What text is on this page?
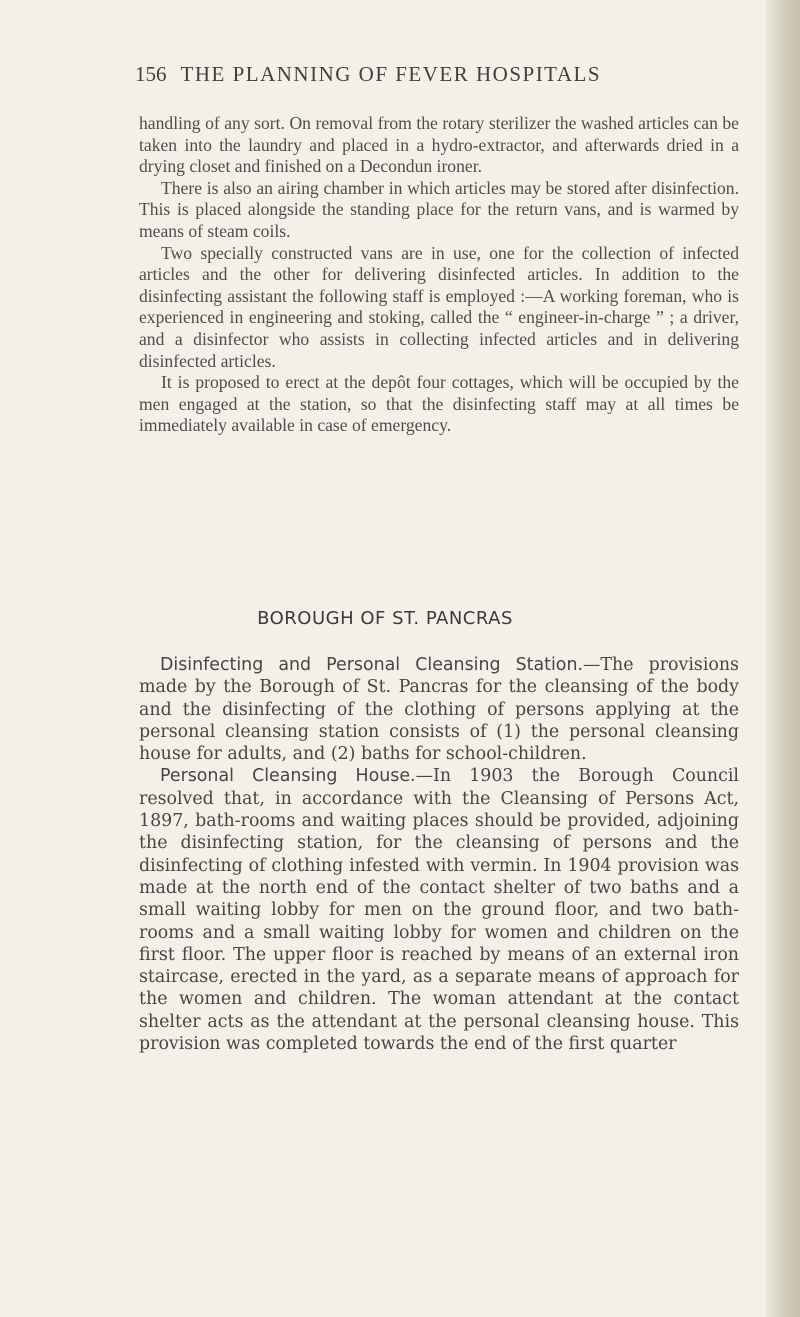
156 THE PLANNING OF FEVER HOSPITALS

handling of any sort. On removal from the rotary sterilizer the washed articles can be taken into the laundry and placed in a hydro-extractor, and afterwards dried in a drying closet and finished on a Decondun ironer.

There is also an airing chamber in which articles may be stored after disinfection. This is placed alongside the standing place for the return vans, and is warmed by means of steam coils.

Two specially constructed vans are in use, one for the collection of infected articles and the other for delivering disinfected articles. In addition to the disinfecting assistant the following staff is employed :—A working foreman, who is experienced in engineering and stoking, called the “ engineer-in-charge ” ; a driver, and a disinfector who assists in collecting infected articles and in delivering disinfected articles.

It is proposed to erect at the depôt four cottages, which will be occupied by the men engaged at the station, so that the disinfecting staff may at all times be immediately available in case of emergency.

BOROUGH OF ST. PANCRAS

Disinfecting and Personal Cleansing Station.—The provisions made by the Borough of St. Pancras for the cleansing of the body and the disinfecting of the clothing of persons applying at the personal cleansing station consists of (1) the personal cleansing house for adults, and (2) baths for school-children.

Personal Cleansing House.—In 1903 the Borough Council resolved that, in accordance with the Cleansing of Persons Act, 1897, bath-rooms and waiting places should be provided, adjoining the disinfecting station, for the cleansing of persons and the disinfecting of clothing infested with vermin. In 1904 provision was made at the north end of the contact shelter of two baths and a small waiting lobby for men on the ground floor, and two bath-rooms and a small waiting lobby for women and children on the first floor. The upper floor is reached by means of an external iron staircase, erected in the yard, as a separate means of approach for the women and children. The woman attendant at the contact shelter acts as the attendant at the personal cleansing house. This provision was completed towards the end of the first quarter
